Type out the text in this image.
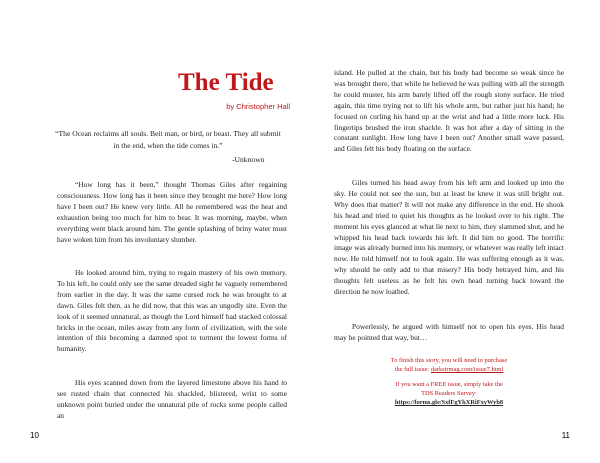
The Tide
by Christopher Hall

“The Ocean reclaims all souls. Beit man, or bird, or beast. They all submit in the end, when the tide comes in.”

-Unknown

“How long has it been,” thought Thomas Giles after regaining consciousness. How long has it been since they brought me here? How long have I been out? He knew very little. All he remembered was the heat and exhaustion being too much for him to bear. It was morning, maybe, when everything went black around him. The gentle splashing of briny water must have woken him from his involuntary slumber.

He looked around him, trying to regain mastery of his own memory. To his left, he could only see the same dreaded sight he vaguely remembered from earlier in the day. It was the same cursed rock he was brought to at dawn. Giles felt then, as he did now, that this was an ungodly site. Even the look of it seemed unnatural, as though the Lord himself had stacked colossal bricks in the ocean, miles away from any form of civilization, with the sole intention of this becoming a damned spot to torment the lowest forms of humanity.

His eyes scanned down from the layered limestone above his hand to see rusted chain that connected his shackled, blistered, wrist to some unknown point buried under the unnatural pile of rocks some people called an

10

island. He pulled at the chain, but his body had become so weak since he was brought there, that while he believed he was pulling with all the strength he could muster, his arm barely lifted off the rough stony surface. He tried again, this time trying not to lift his whole arm, but rather just his hand; he focused on curling his hand up at the wrist and had a little more luck. His fingertips brushed the iron shackle. It was hot after a day of sitting in the constant sunlight. How long have I been out? Another small wave passed, and Giles felt his body floating on the surface.

Giles turned his head away from his left arm and looked up into the sky. He could not see the sun, but at least he knew it was still bright out. Why does that matter? It will not make any difference in the end. He shook his head and tried to quiet his thoughts as he looked over to his right. The moment his eyes glanced at what lie next to him, they slammed shut, and he whipped his head back towards his left. It did him no good. The horrific image was already burned into his memory, or whatever was really left intact now. He told himself not to look again. He was suffering enough as it was, why should he only add to that misery? His body betrayed him, and his thoughts felt useless as he felt his own head turning back toward the direction he now loathed.

Powerlessly, he argued with himself not to open his eyes. His head may be pointed that way, but…

To finish this story, you will need to purchase
the full issue: darkstrmag.com/issue7.html

If you want a FREE issue, simply take the
TDS Readers Survey:
https://forms.gle/SxfFgYhXRiFxyWyb8

11
